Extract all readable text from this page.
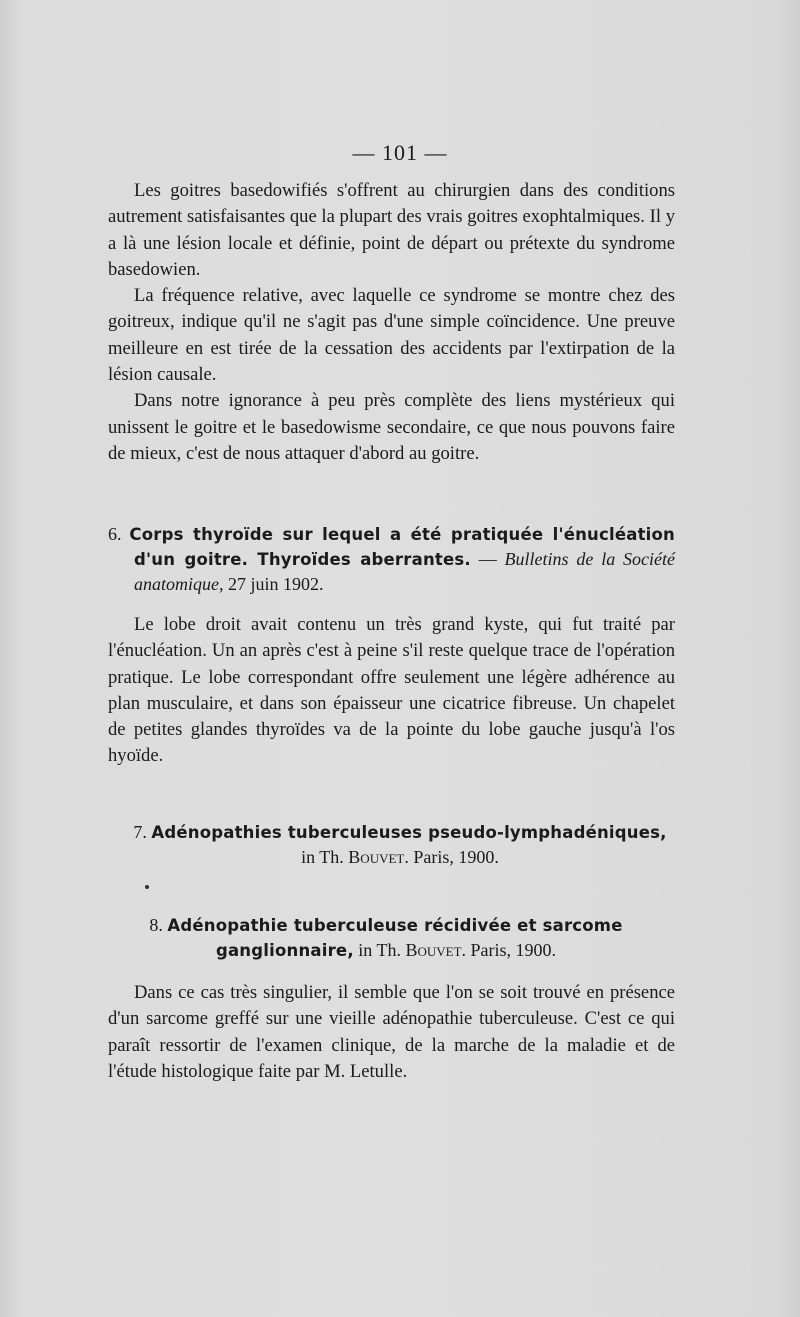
— 101 —

Les goitres basedowifiés s'offrent au chirurgien dans des conditions autrement satisfaisantes que la plupart des vrais goitres exophtalmiques. Il y a là une lésion locale et définie, point de départ ou prétexte du syndrome basedowien.

La fréquence relative, avec laquelle ce syndrome se montre chez des goitreux, indique qu'il ne s'agit pas d'une simple coïncidence. Une preuve meilleure en est tirée de la cessation des accidents par l'extirpation de la lésion causale.

Dans notre ignorance à peu près complète des liens mystérieux qui unissent le goitre et le basedowisme secondaire, ce que nous pouvons faire de mieux, c'est de nous attaquer d'abord au goitre.

6. Corps thyroïde sur lequel a été pratiquée l'énucléation d'un goitre. Thyroïdes aberrantes. — Bulletins de la Société anatomique, 27 juin 1902.

Le lobe droit avait contenu un très grand kyste, qui fut traité par l'énucléation. Un an après c'est à peine s'il reste quelque trace de l'opération pratique. Le lobe correspondant offre seulement une légère adhérence au plan musculaire, et dans son épaisseur une cicatrice fibreuse. Un chapelet de petites glandes thyroïdes va de la pointe du lobe gauche jusqu'à l'os hyoïde.

7. Adénopathies tuberculeuses pseudo-lymphadéniques,
in Th. Bouvet. Paris, 1900.

8. Adénopathie tuberculeuse récidivée et sarcome ganglionnaire, in Th. Bouvet. Paris, 1900.

Dans ce cas très singulier, il semble que l'on se soit trouvé en présence d'un sarcome greffé sur une vieille adénopathie tuberculeuse. C'est ce qui paraît ressortir de l'examen clinique, de la marche de la maladie et de l'étude histologique faite par M. Letulle.
